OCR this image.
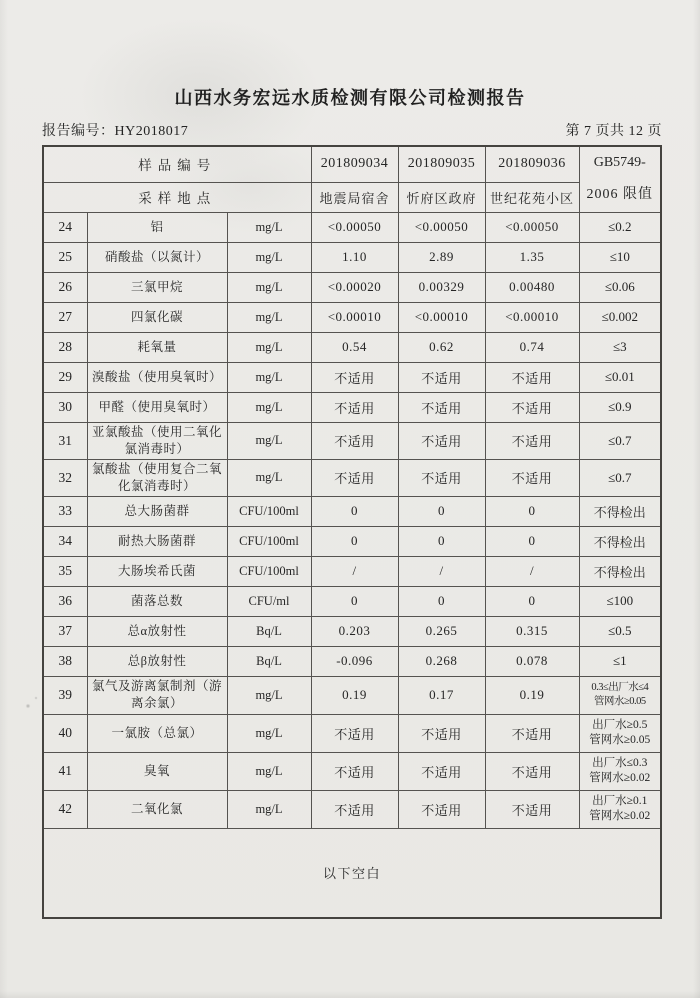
山西水务宏远水质检测有限公司检测报告
报告编号：HY2018017	第 7 页共 12 页
样品编号			201809034	201809035	201809036	GB5749-
2006 限值

采样地点			地震局宿舍	忻府区政府	世纪花苑小区	
24	铝	mg/L	<0.00050	<0.00050	<0.00050	≤0.2
25	硝酸盐（以氮计）	mg/L	1.10	2.89	1.35	≤10
26	三氯甲烷	mg/L	<0.00020	0.00329	0.00480	≤0.06
27	四氯化碳	mg/L	<0.00010	<0.00010	<0.00010	≤0.002
28	耗氧量	mg/L	0.54	0.62	0.74	≤3
29	溴酸盐（使用臭氧时）	mg/L	不适用	不适用	不适用	≤0.01
30	甲醛（使用臭氧时）	mg/L	不适用	不适用	不适用	≤0.9
31	亚氯酸盐（使用二氧化氯消毒时）	mg/L	不适用	不适用	不适用	≤0.7
32	氯酸盐（使用复合二氧化氯消毒时）	mg/L	不适用	不适用	不适用	≤0.7
33	总大肠菌群	CFU/100ml	0	0	0	不得检出
34	耐热大肠菌群	CFU/100ml	0	0	0	不得检出
35	大肠埃希氏菌	CFU/100ml	/	/	/	不得检出
36	菌落总数	CFU/ml	0	0	0	≤100
37	总α放射性	Bq/L	0.203	0.265	0.315	≤0.5
38	总β放射性	Bq/L	-0.096	0.268	0.078	≤1
39	氯气及游离氯制剂（游离余氯）	mg/L	0.19	0.17	0.19	0.3≤出厂水≤4
管网水≥0.05

40	一氯胺（总氯）	mg/L	不适用	不适用	不适用	出厂水≥0.5
管网水≥0.05

41	臭氧	mg/L	不适用	不适用	不适用	出厂水≤0.3
管网水≥0.02

42	二氧化氯	mg/L	不适用	不适用	不适用	出厂水≥0.1
管网水≥0.02

以下空白						
